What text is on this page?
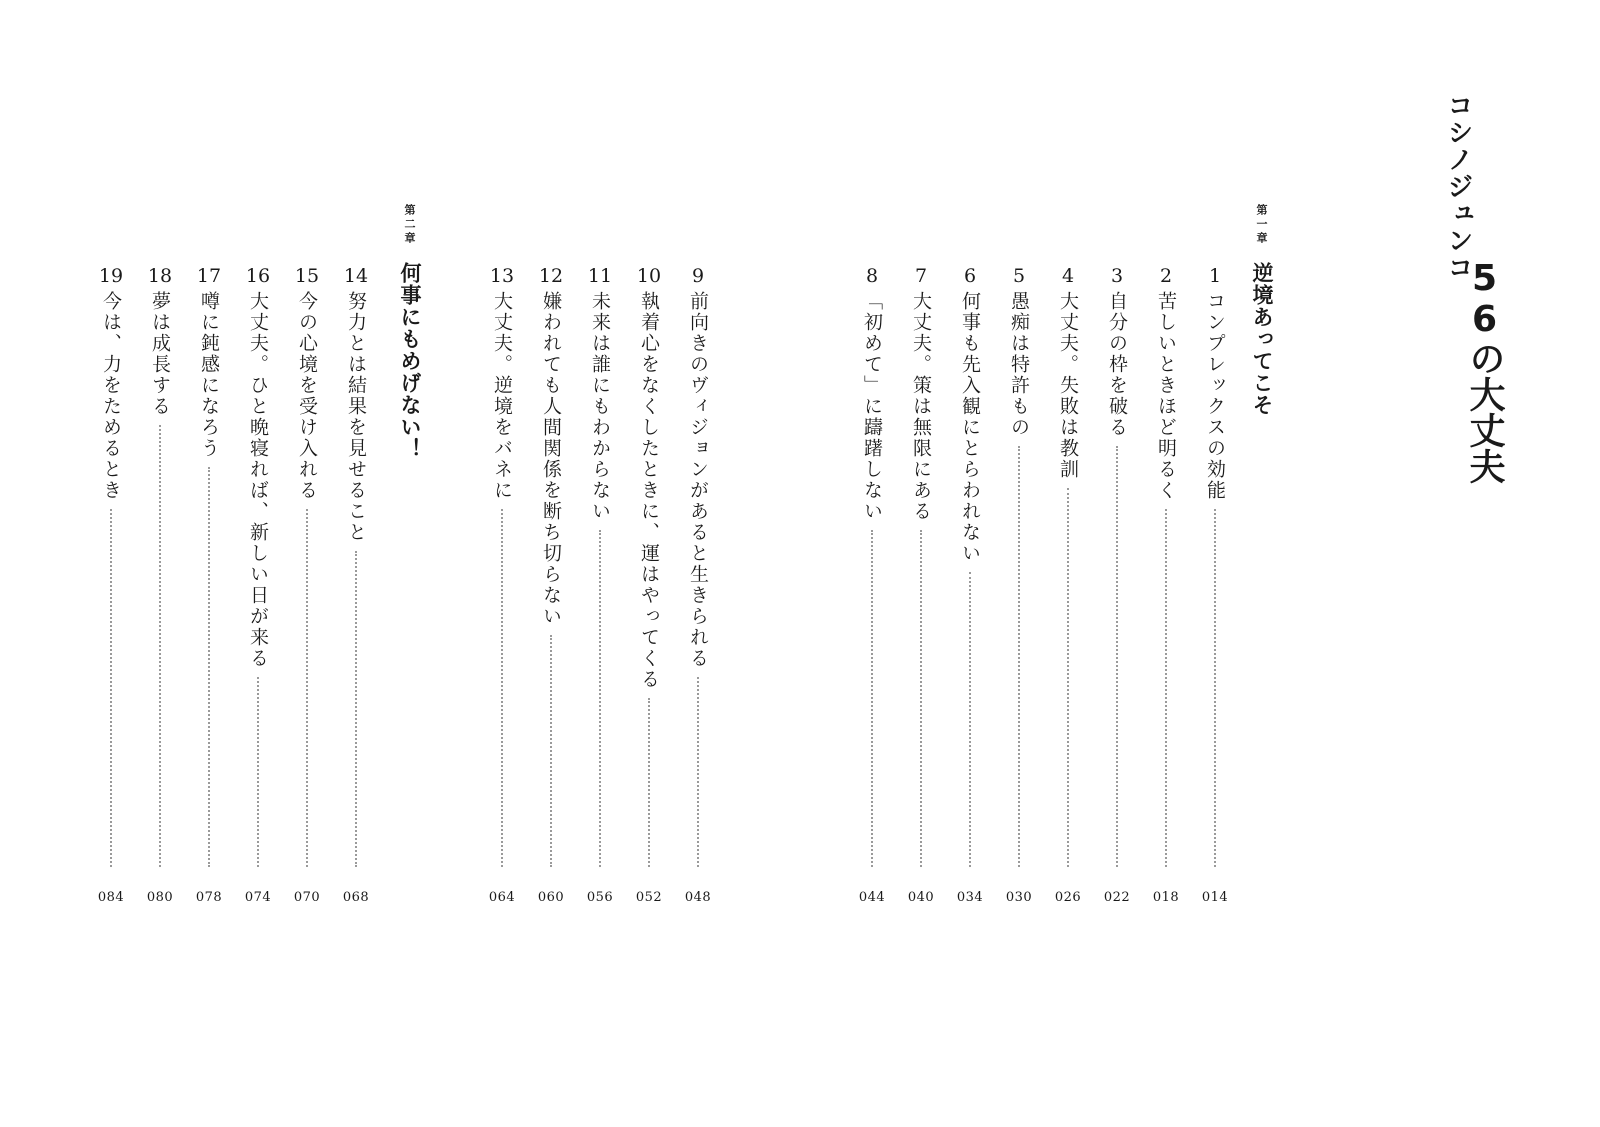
コシノジュンコ
56の大丈夫
第一章
逆境あってこそ
第二章
何事にもめげない！	1
コンプレックスの効能
014
2
苦しいときほど明るく
018
3
自分の枠を破る
022
4
大丈夫。失敗は教訓
026
5
愚痴は特許もの
030
6
何事も先入観にとらわれない
034
7
大丈夫。策は無限にある
040
8
「初めて」に躊躇しない
044
9
前向きのヴィジョンがあると生きられる
048
10
執着心をなくしたときに、運はやってくる
052
11
未来は誰にもわからない
056
12
嫌われても人間関係を断ち切らない
060
13
大丈夫。逆境をバネに
064
14
努力とは結果を見せること
068
15
今の心境を受け入れる
070
16
大丈夫。ひと晩寝れば、新しい日が来る
074
17
噂に鈍感になろう
078
18
夢は成長する
080
19
今は、力をためるとき
084
